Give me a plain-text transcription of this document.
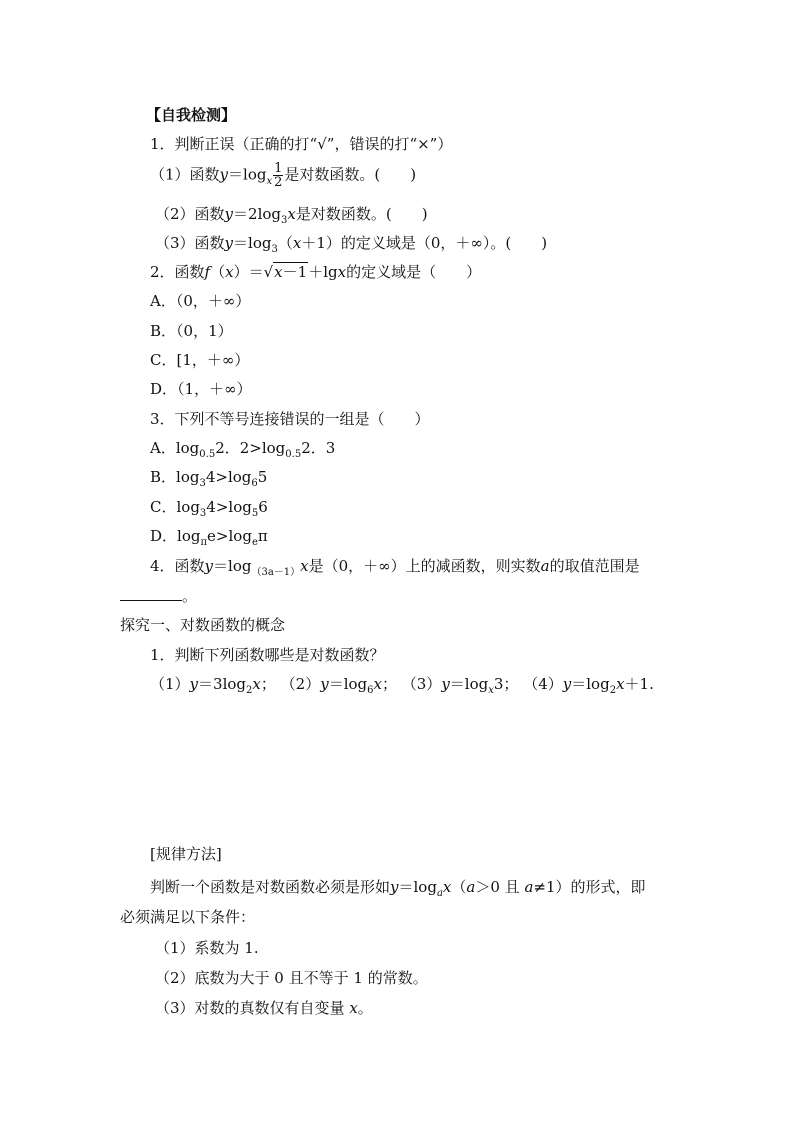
【自我检测】
1．判断正误（正确的打“√”，错误的打“×”）
（1）函数$y=\log_x \frac{1}{2}$ 是对数函数。(　　)
（2）函数$y=2\log_3x$是对数函数。(　　)
（3）函数$y=\log_3(x+1)$的定义域是（0，＋∞）。(　　)
2．函数f（x）＝√x－1＋lgx的定义域是（　　）
A．（0，＋∞）
B．（0，1）
C．[1，＋∞）
D．（1，＋∞）
3．下列不等号连接错误的一组是（　　）
A．$\log_{0.5}2$．$2>\log_{0.5}2$．3
B．$\log_34>\log_65$
C．$\log_34>\log_56$
D．$\log_\pi e>\log_e\pi$
4．函数$y=\log_{(3a-1)}x$是（0，＋∞）上的减函数，则实数a的取值范围是
。
探究一、对数函数的概念
1．判断下列函数哪些是对数函数？
$(1)y=3\log_2x$； $(2)y=\log_6x$； $(3)y=\log_x3$； $(4)y=\log_2x+1$.
[规律方法]
判断一个函数是对数函数必须是形如$y=\log_ax(a>0$ 且 a≠1）的形式，即
必须满足以下条件：
（1）系数为 1.
（2）底数为大于 0 且不等于 1 的常数。
（3）对数的真数仅有自变量 x。
